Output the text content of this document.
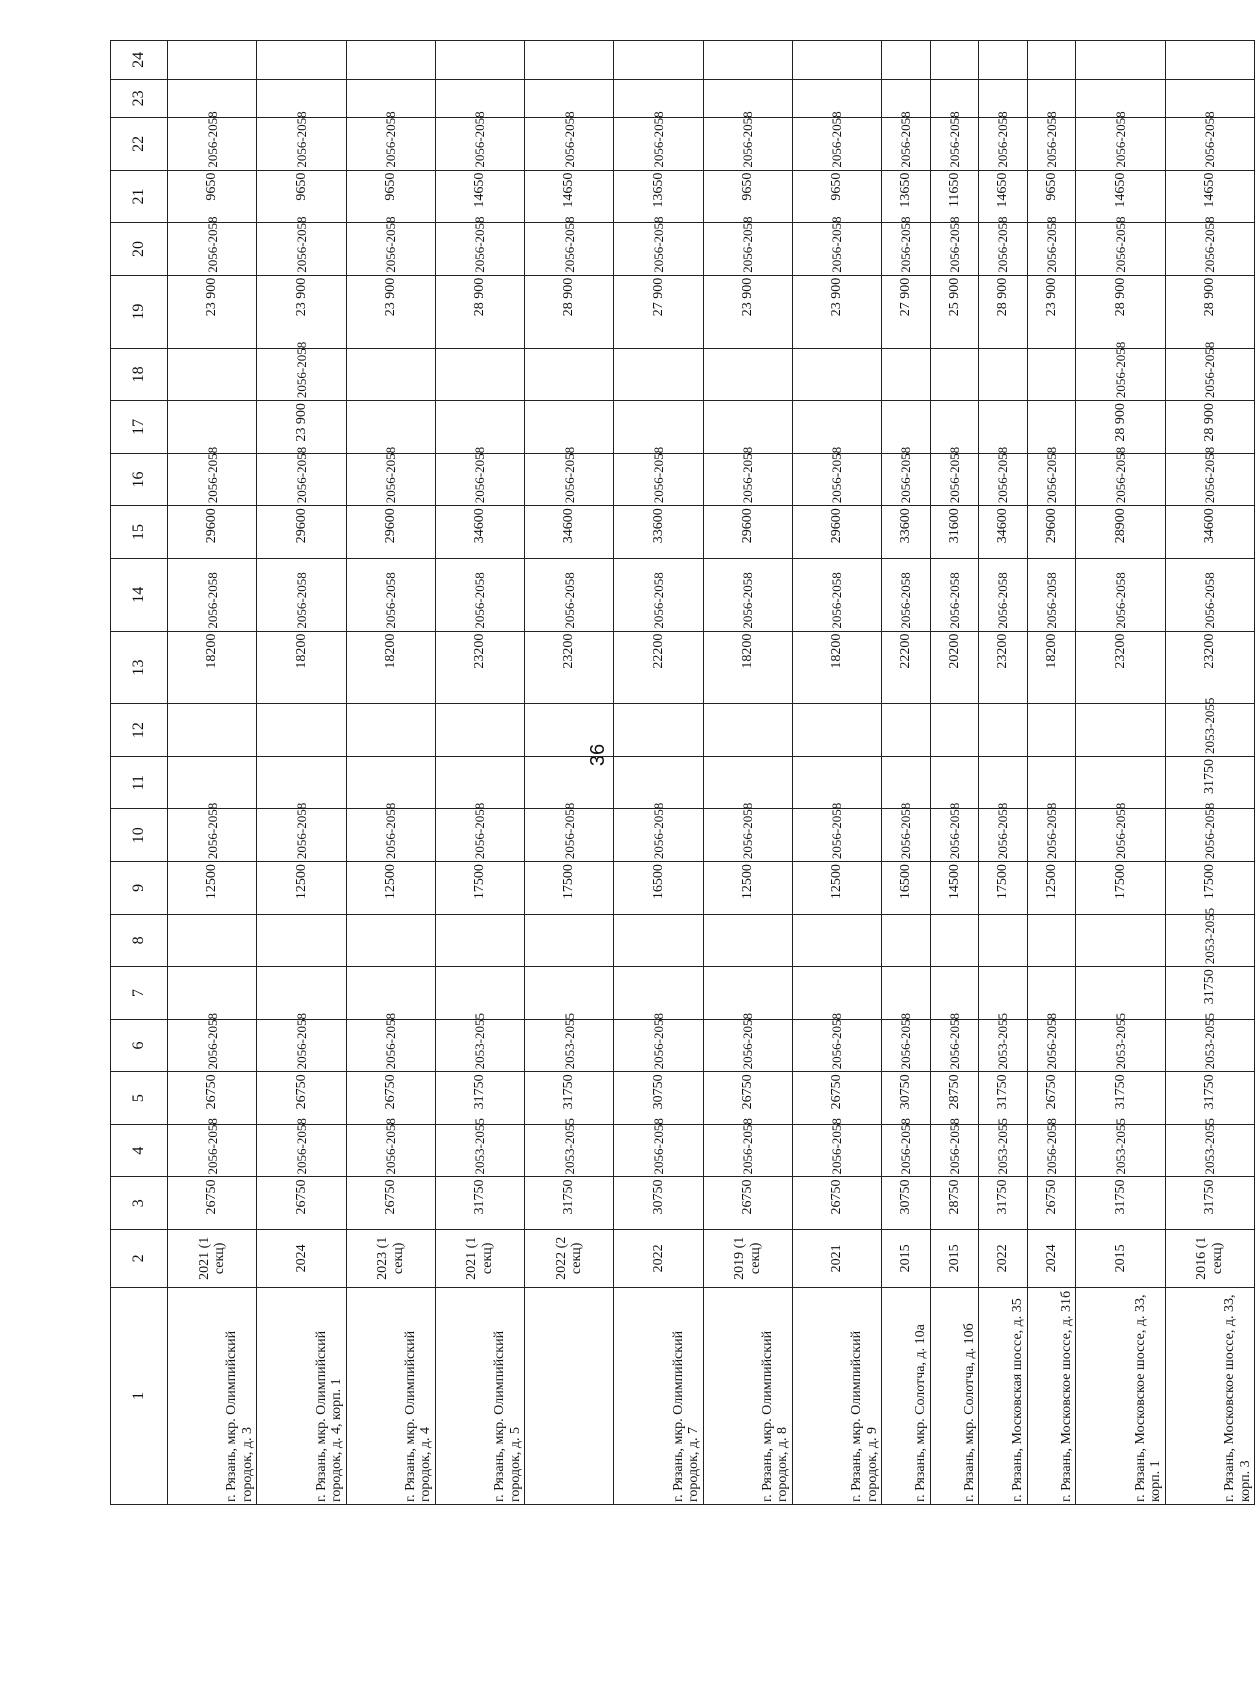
36
1	2	3	4	5	6	7	8	9	10	11	12	13	14	15	16	17	18	19	20	21	22	23	24
г. Рязань, мкр. Олимпийский городок, д. 3	2021 (1 секц)	26750	2056-2058	26750	2056-2058			12500	2056-2058			18200	2056-2058	29600	2056-2058			23 900	2056-2058	9650	2056-2058		
г. Рязань, мкр. Олимпийский городок, д. 4, корп. 1	2024	26750	2056-2058	26750	2056-2058			12500	2056-2058			18200	2056-2058	29600	2056-2058	23 900	2056-2058	23 900	2056-2058	9650	2056-2058		
г. Рязань, мкр. Олимпийский городок, д. 4	2023 (1 секц)	26750	2056-2058	26750	2056-2058			12500	2056-2058			18200	2056-2058	29600	2056-2058			23 900	2056-2058	9650	2056-2058		
г. Рязань, мкр. Олимпийский городок, д. 5	2021 (1 секц)	31750	2053-2055	31750	2053-2055			17500	2056-2058			23200	2056-2058	34600	2056-2058			28 900	2056-2058	14650	2056-2058		
	2022 (2 секц)	31750	2053-2055	31750	2053-2055			17500	2056-2058			23200	2056-2058	34600	2056-2058			28 900	2056-2058	14650	2056-2058		
г. Рязань, мкр. Олимпийский городок, д. 7	2022	30750	2056-2058	30750	2056-2058			16500	2056-2058			22200	2056-2058	33600	2056-2058			27 900	2056-2058	13650	2056-2058		
г. Рязань, мкр. Олимпийский городок, д. 8	2019 (1 секц)	26750	2056-2058	26750	2056-2058			12500	2056-2058			18200	2056-2058	29600	2056-2058			23 900	2056-2058	9650	2056-2058		
г. Рязань, мкр. Олимпийский городок, д. 9	2021	26750	2056-2058	26750	2056-2058			12500	2056-2058			18200	2056-2058	29600	2056-2058			23 900	2056-2058	9650	2056-2058		
г. Рязань, мкр. Солотча, д. 10а	2015	30750	2056-2058	30750	2056-2058			16500	2056-2058			22200	2056-2058	33600	2056-2058			27 900	2056-2058	13650	2056-2058		
г. Рязань, мкр. Солотча, д. 10б	2015	28750	2056-2058	28750	2056-2058			14500	2056-2058			20200	2056-2058	31600	2056-2058			25 900	2056-2058	11650	2056-2058		
г. Рязань, Московская шоссе, д. 35	2022	31750	2053-2055	31750	2053-2055			17500	2056-2058			23200	2056-2058	34600	2056-2058			28 900	2056-2058	14650	2056-2058		
г. Рязань, Московское шоссе, д. 31б	2024	26750	2056-2058	26750	2056-2058			12500	2056-2058			18200	2056-2058	29600	2056-2058			23 900	2056-2058	9650	2056-2058		
г. Рязань, Московское шоссе, д. 33, корп. 1	2015	31750	2053-2055	31750	2053-2055			17500	2056-2058			23200	2056-2058	28900	2056-2058	28 900	2056-2058	28 900	2056-2058	14650	2056-2058		
г. Рязань, Московское шоссе, д. 33, корп. 3	2016 (1 секц)	31750	2053-2055	31750	2053-2055	31750	2053-2055	17500	2056-2058	31750	2053-2055	23200	2056-2058	34600	2056-2058	28 900	2056-2058	28 900	2056-2058	14650	2056-2058		
